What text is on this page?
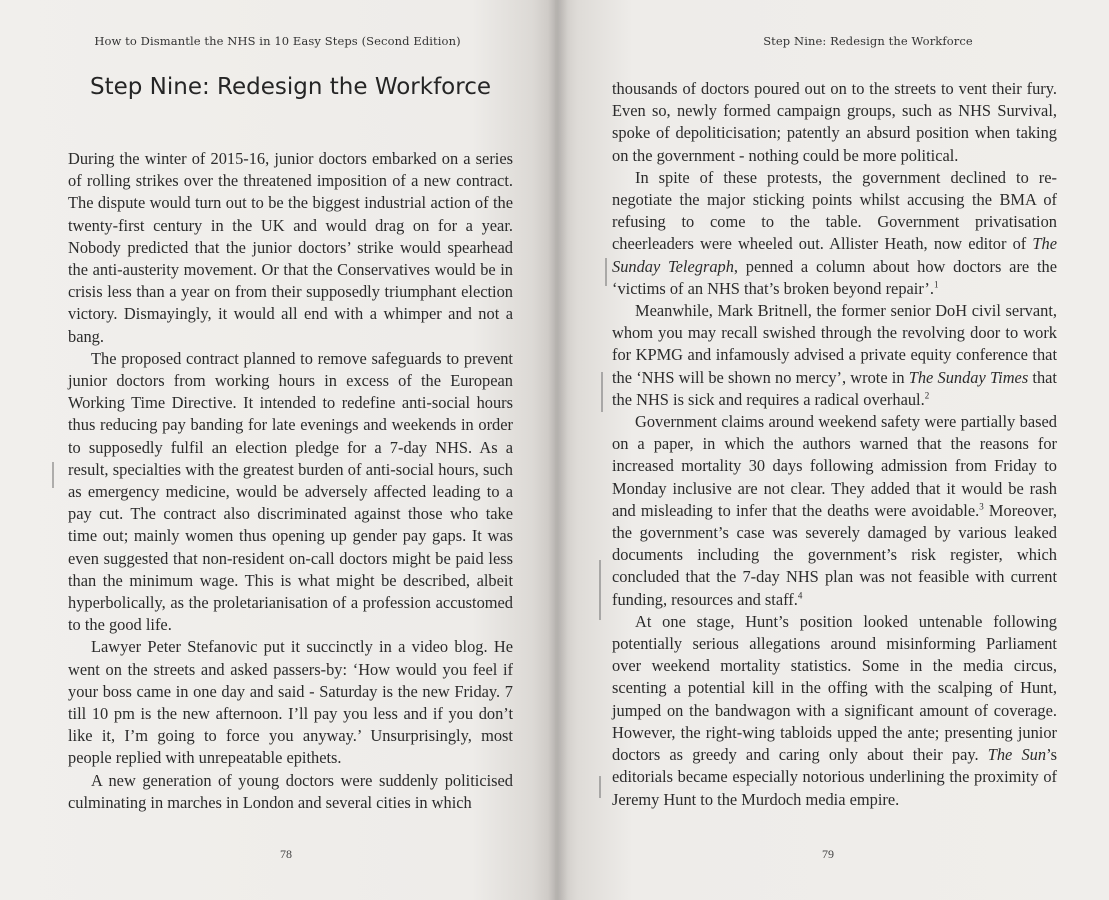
How to Dismantle the NHS in 10 Easy Steps (Second Edition)
Step Nine: Redesign the Workforce

During the winter of 2015-16, junior doctors embarked on a series of rolling strikes over the threatened imposition of a new contract. The dispute would turn out to be the biggest industrial action of the twenty-first century in the UK and would drag on for a year. Nobody predicted that the junior doctors’ strike would spearhead the anti-austerity movement. Or that the Conservatives would be in crisis less than a year on from their supposedly triumphant election victory. Dismayingly, it would all end with a whimper and not a bang.

The proposed contract planned to remove safeguards to prevent junior doctors from working hours in excess of the European Working Time Directive. It intended to redefine anti-social hours thus reducing pay banding for late evenings and weekends in order to supposedly fulfil an election pledge for a 7-day NHS. As a result, specialties with the greatest burden of anti-social hours, such as emergency medicine, would be adversely affected leading to a pay cut. The contract also discriminated against those who take time out; mainly women thus opening up gender pay gaps. It was even suggested that non-resident on-call doctors might be paid less than the minimum wage. This is what might be described, albeit hyperbolically, as the proletarianisation of a profession accustomed to the good life.

Lawyer Peter Stefanovic put it succinctly in a video blog. He went on the streets and asked passers-by: ‘How would you feel if your boss came in one day and said - Saturday is the new Friday. 7 till 10 pm is the new afternoon. I’ll pay you less and if you don’t like it, I’m going to force you anyway.’ Unsurprisingly, most people replied with unrepeatable epithets.

A new generation of young doctors were suddenly politicised culminating in marches in London and several cities in which

78
Step Nine: Redesign the Workforce

thousands of doctors poured out on to the streets to vent their fury. Even so, newly formed campaign groups, such as NHS Survival, spoke of depoliticisation; patently an absurd position when taking on the government - nothing could be more political.

In spite of these protests, the government declined to re-negotiate the major sticking points whilst accusing the BMA of refusing to come to the table. Government privatisation cheerleaders were wheeled out. Allister Heath, now editor of The Sunday Telegraph, penned a column about how doctors are the ‘victims of an NHS that’s broken beyond repair’.$^1$

Meanwhile, Mark Britnell, the former senior DoH civil servant, whom you may recall swished through the revolving door to work for KPMG and infamously advised a private equity conference that the ‘NHS will be shown no mercy’, wrote in The Sunday Times that the NHS is sick and requires a radical overhaul.$^2$

Government claims around weekend safety were partially based on a paper, in which the authors warned that the reasons for increased mortality 30 days following admission from Friday to Monday inclusive are not clear. They added that it would be rash and misleading to infer that the deaths were avoidable.$^3$ Moreover, the government’s case was severely damaged by various leaked documents including the government’s risk register, which concluded that the 7-day NHS plan was not feasible with current funding, resources and staff.$^4$

At one stage, Hunt’s position looked untenable following potentially serious allegations around misinforming Parliament over weekend mortality statistics. Some in the media circus, scenting a potential kill in the offing with the scalping of Hunt, jumped on the bandwagon with a significant amount of coverage. However, the right-wing tabloids upped the ante; presenting junior doctors as greedy and caring only about their pay. The Sun’s editorials became especially notorious underlining the proximity of Jeremy Hunt to the Murdoch media empire.

79
